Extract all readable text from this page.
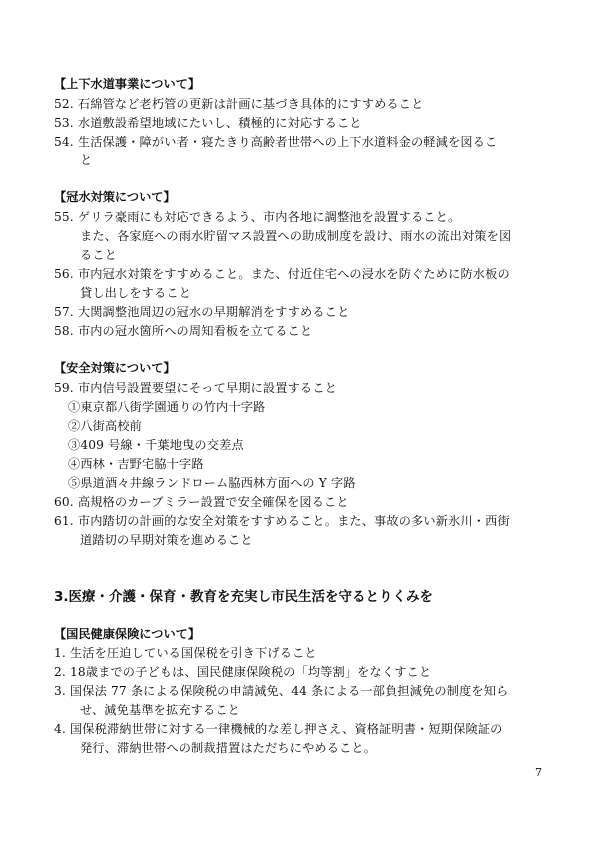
【上下水道事業について】
52. 石綿管など老朽管の更新は計画に基づき具体的にすすめること
53. 水道敷設希望地域にたいし、積極的に対応すること
54. 生活保護・障がい者・寝たきり高齢者世帯への上下水道料金の軽減を図るこ
と
【冠水対策について】
55. ゲリラ豪雨にも対応できるよう、市内各地に調整池を設置すること。
また、各家庭への雨水貯留マス設置への助成制度を設け、雨水の流出対策を図
ること
56. 市内冠水対策をすすめること。また、付近住宅への浸水を防ぐために防水板の
貸し出しをすること
57. 大関調整池周辺の冠水の早期解消をすすめること
58. 市内の冠水箇所への周知看板を立てること
【安全対策について】
59. 市内信号設置要望にそって早期に設置すること
①東京都八街学園通りの竹内十字路
②八街高校前
③409 号線・千葉地曳の交差点
④西林・吉野宅脇十字路
⑤県道酒々井線ランドローム脇西林方面への Y 字路
60. 高規格のカーブミラー設置で安全確保を図ること
61. 市内踏切の計画的な安全対策をすすめること。また、事故の多い新氷川・西街
道踏切の早期対策を進めること
3.医療・介護・保育・教育を充実し市民生活を守るとりくみを
【国民健康保険について】
1. 生活を圧迫している国保税を引き下げること
2. 18歳までの子どもは、国民健康保険税の「均等割」をなくすこと
3. 国保法 77 条による保険税の申請減免、44 条による一部負担減免の制度を知ら
せ、減免基準を拡充すること
4. 国保税滞納世帯に対する一律機械的な差し押さえ、資格証明書・短期保険証の
発行、滞納世帯への制裁措置はただちにやめること。
7
